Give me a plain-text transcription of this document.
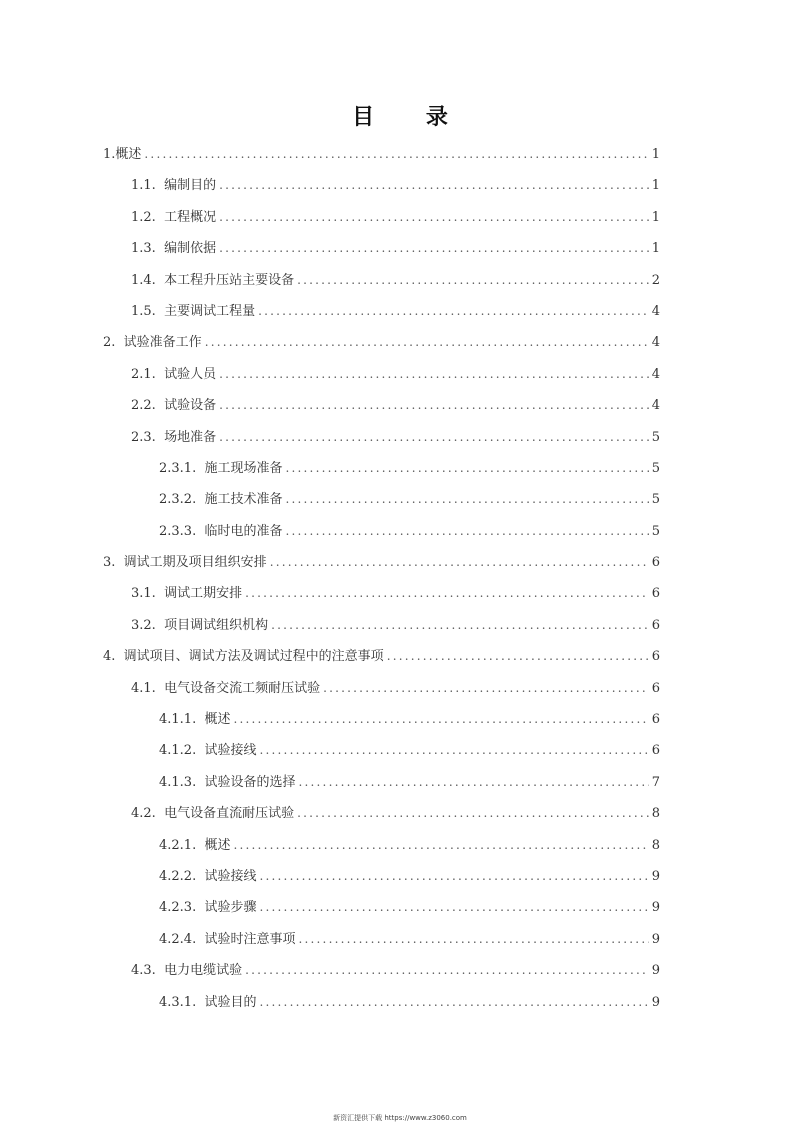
目 录
1. 概述 .....	1
1.1. 编制目的 .....	1
1.2. 工程概况 .....	1
1.3. 编制依据 .....	1
1.4. 本工程升压站主要设备 .....	2
1.5. 主要调试工程量 .....	4
2. 试验准备工作 .....	4
2.1. 试验人员 .....	4
2.2. 试验设备 .....	4
2.3. 场地准备 .....	5
2.3.1. 施工现场准备 .....	5
2.3.2. 施工技术准备 .....	5
2.3.3. 临时电的准备 .....	5
3. 调试工期及项目组织安排 .....	6
3.1. 调试工期安排 .....	6
3.2. 项目调试组织机构 .....	6
4. 调试项目、调试方法及调试过程中的注意事项 .....	6
4.1. 电气设备交流工频耐压试验 .....	6
4.1.1. 概述 .....	6
4.1.2. 试验接线 .....	6
4.1.3. 试验设备的选择 .....	7
4.2. 电气设备直流耐压试验 .....	8
4.2.1. 概述 .....	8
4.2.2. 试验接线 .....	9
4.2.3. 试验步骤 .....	9
4.2.4. 试验时注意事项 .....	9
4.3. 电力电缆试验 .....	9
4.3.1. 试验目的 .....	9
新资汇提供下载 https://www.z3060.com
